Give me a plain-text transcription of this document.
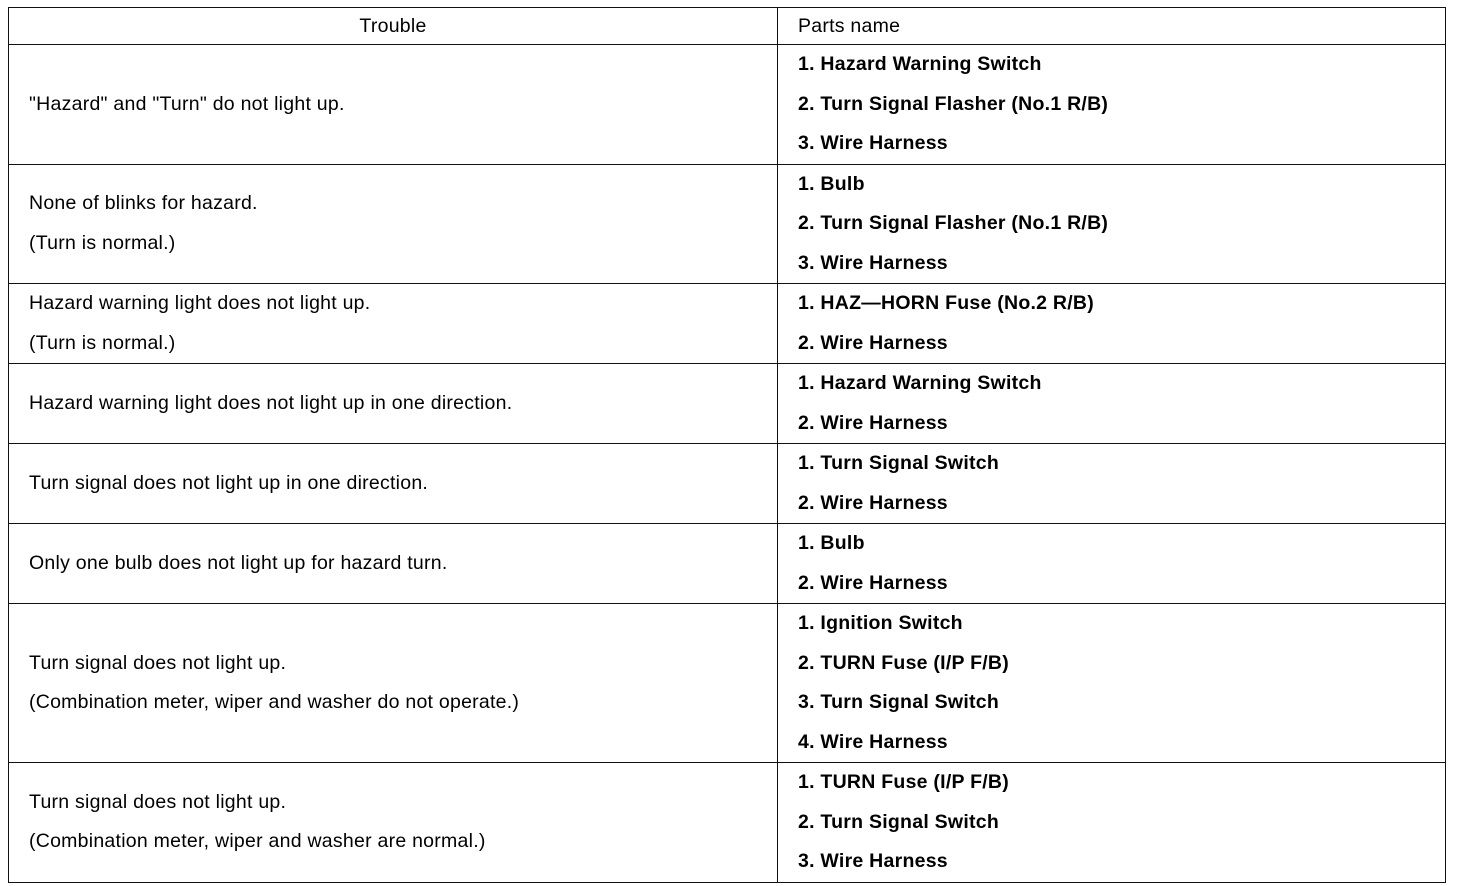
Trouble	Parts name

"Hazard" and "Turn" do not light up.	1. Hazard Warning Switch
2. Turn Signal Flasher (No.1 R/B)
3. Wire Harness

None of blinks for hazard.
(Turn is normal.)	1. Bulb
2. Turn Signal Flasher (No.1 R/B)
3. Wire Harness

Hazard warning light does not light up.
(Turn is normal.)	1. HAZ—HORN Fuse (No.2 R/B)
2. Wire Harness

Hazard warning light does not light up in one direction.	1. Hazard Warning Switch
2. Wire Harness

Turn signal does not light up in one direction.	1. Turn Signal Switch
2. Wire Harness

Only one bulb does not light up for hazard turn.	1. Bulb
2. Wire Harness

Turn signal does not light up.
(Combination meter, wiper and washer do not operate.)	1. Ignition Switch
2. TURN Fuse (I/P F/B)
3. Turn Signal Switch
4. Wire Harness

Turn signal does not light up.
(Combination meter, wiper and washer are normal.)	1. TURN Fuse (I/P F/B)
2. Turn Signal Switch
3. Wire Harness
